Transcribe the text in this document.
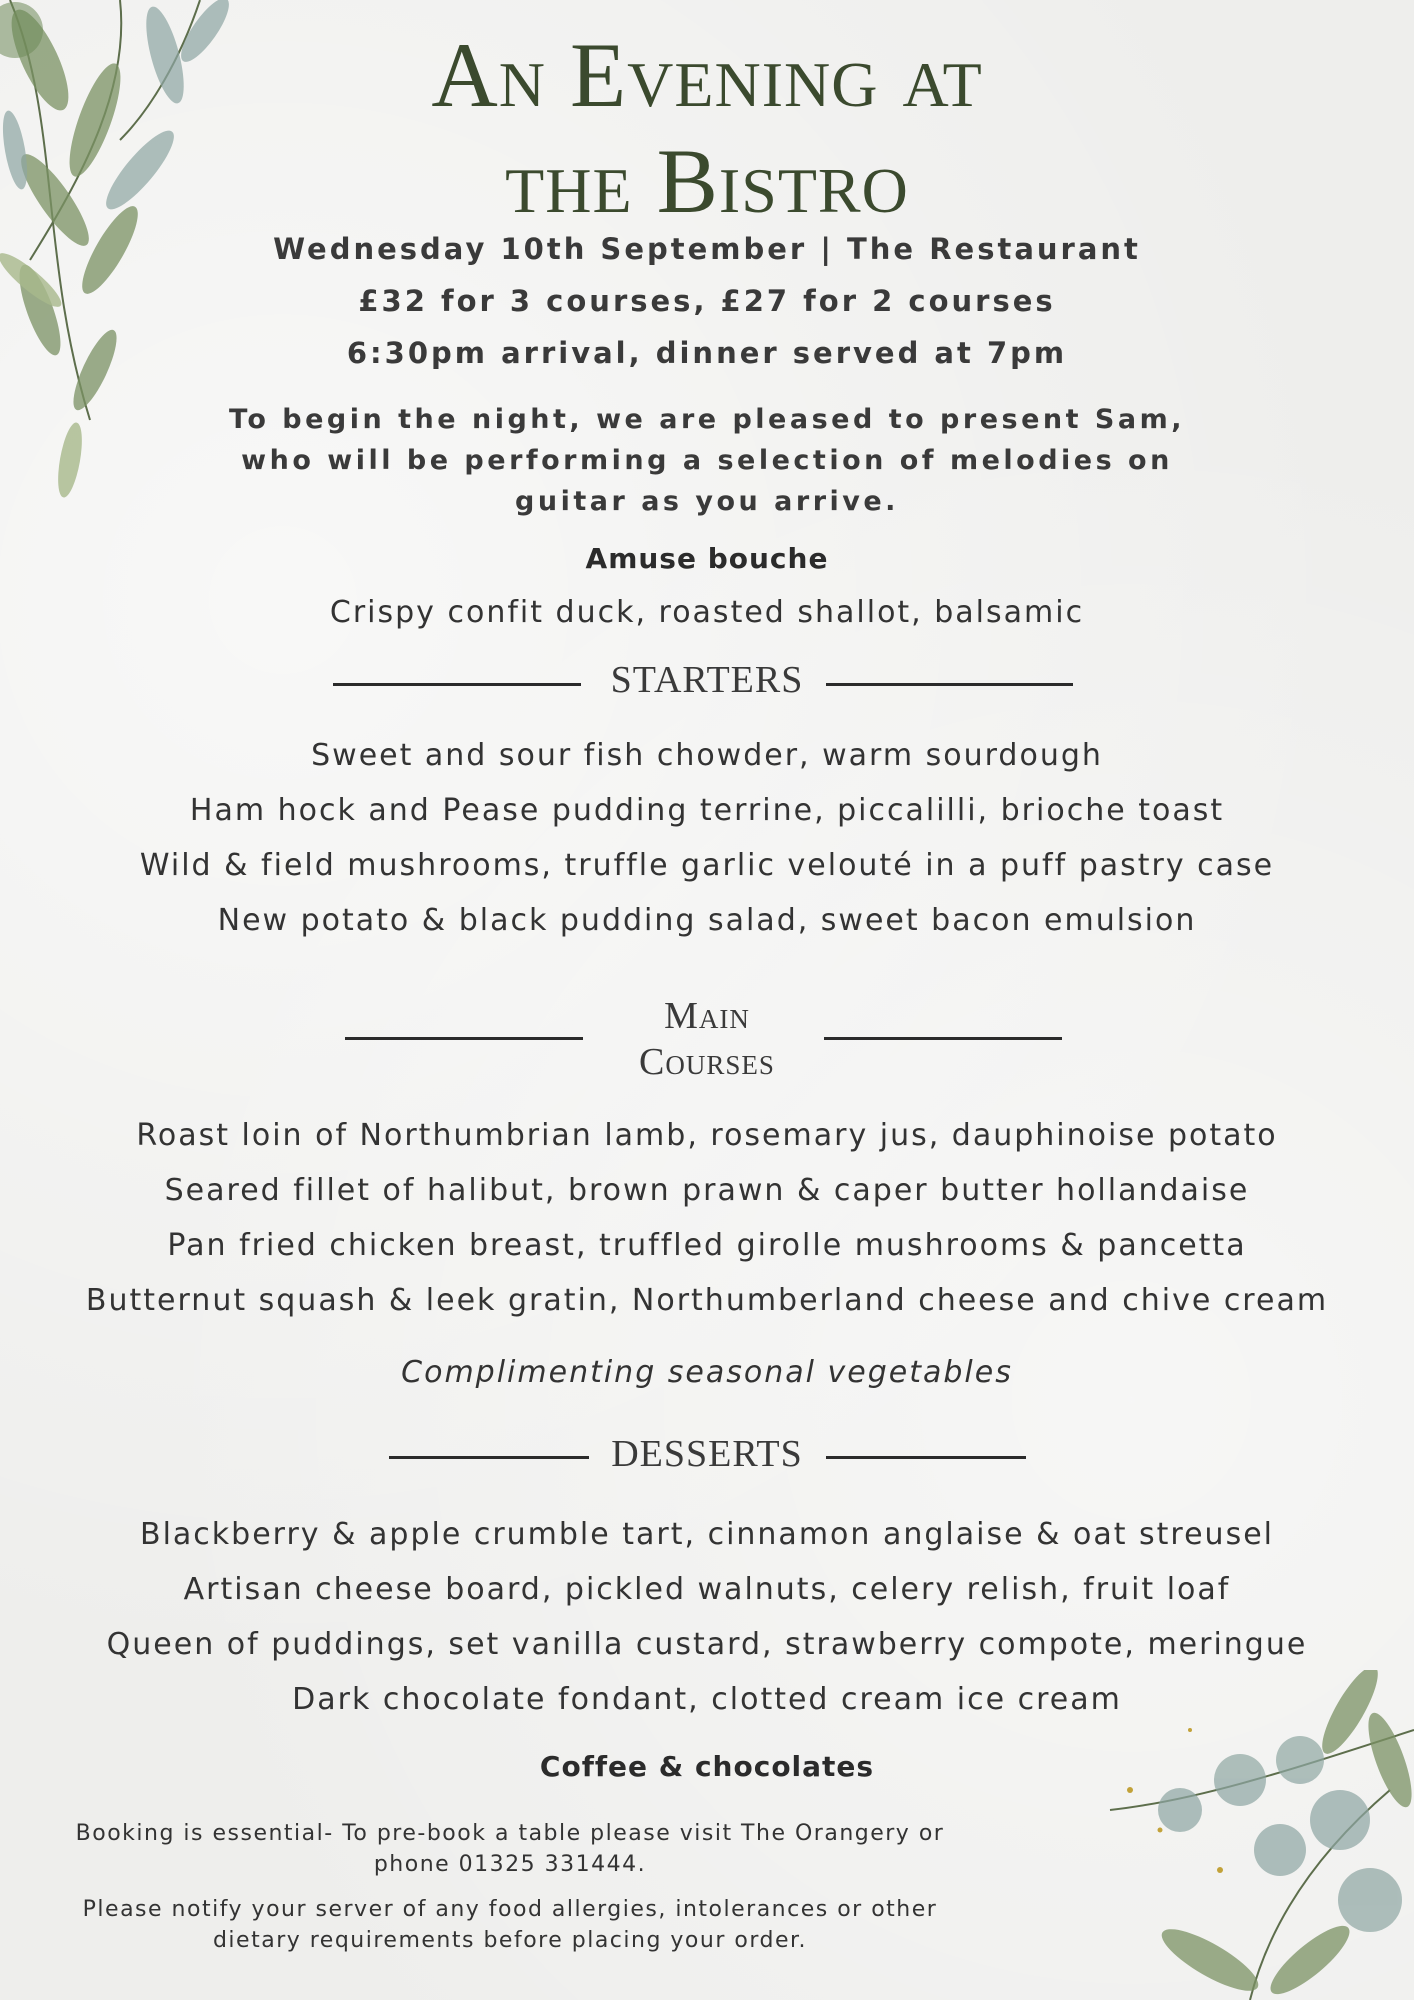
An Evening at
the Bistro
Wednesday 10th September | The Restaurant
£32 for 3 courses, £27 for 2 courses
6:30pm arrival, dinner served at 7pm
To begin the night, we are pleased to present Sam,
who will be performing a selection of melodies on
guitar as you arrive.
Amuse bouche
Crispy confit duck, roasted shallot, balsamic
STARTERS
Sweet and sour fish chowder, warm sourdough
Ham hock and Pease pudding terrine, piccalilli, brioche toast
Wild & field mushrooms, truffle garlic velouté in a puff pastry case
New potato & black pudding salad, sweet bacon emulsion
Main
Courses
Roast loin of Northumbrian lamb, rosemary jus, dauphinoise potato
Seared fillet of halibut, brown prawn & caper butter hollandaise
Pan fried chicken breast, truffled girolle mushrooms & pancetta
Butternut squash & leek gratin, Northumberland cheese and chive cream
Complimenting seasonal vegetables
DESSERTS
Blackberry & apple crumble tart, cinnamon anglaise & oat streusel
Artisan cheese board, pickled walnuts, celery relish, fruit loaf
Queen of puddings, set vanilla custard, strawberry compote, meringue
Dark chocolate fondant, clotted cream ice cream
Coffee & chocolates
Booking is essential- To pre-book a table please visit The Orangery or
phone 01325 331444.
Please notify your server of any food allergies, intolerances or other
dietary requirements before placing your order.
